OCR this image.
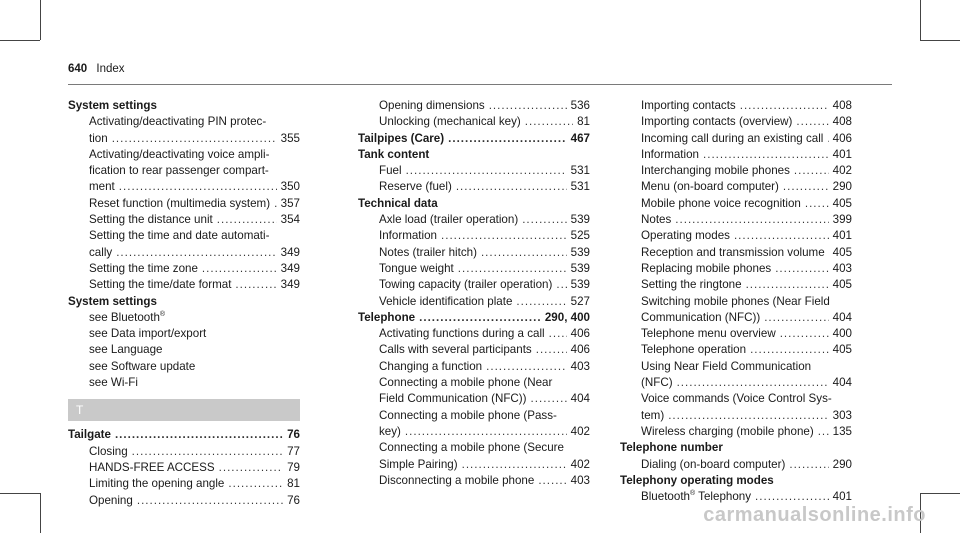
640 Index
System settings
Activating/deactivating PIN protec-
tion .....	355
Activating/deactivating voice ampli-
fication to rear passenger compart-
ment .....	350
Reset function (multimedia system) ..... 357
Setting the distance unit .....	354
Setting the time and date automati-
cally .....	349
Setting the time zone .....	349
Setting the time/date format .....	349
System settings
see Bluetooth®
see Data import/export
see Language
see Software update
see Wi-Fi
T
Tailgate .....	76
Closing .....	77
HANDS-FREE ACCESS .....	79
Limiting the opening angle .....	81
Opening .....	76
Opening dimensions .....	536
Unlocking (mechanical key) .....	81
Tailpipes (Care) .....	467
Tank content
Fuel .....	531
Reserve (fuel) .....	531
Technical data
Axle load (trailer operation) .....	539
Information .....	525
Notes (trailer hitch) .....	539
Tongue weight .....	539
Towing capacity (trailer operation) ..... 539
Vehicle identification plate .....	527
Telephone .....	290, 400
Activating functions during a call ..... 406
Calls with several participants .....	406
Changing a function .....	403
Connecting a mobile phone (Near
Field Communication (NFC)) .....	404
Connecting a mobile phone (Pass-
key) .....	402
Connecting a mobile phone (Secure
Simple Pairing) .....	402
Disconnecting a mobile phone .....	403
Importing contacts .....	408
Importing contacts (overview) .....	408
Incoming call during an existing call ..... 406
Information .....	401
Interchanging mobile phones .....	402
Menu (on-board computer) .....	290
Mobile phone voice recognition .....	405
Notes .....	399
Operating modes .....	401
Reception and transmission volume 405
Replacing mobile phones .....	403
Setting the ringtone .....	405
Switching mobile phones (Near Field
Communication (NFC)) .....	404
Telephone menu overview .....	400
Telephone operation .....	405
Using Near Field Communication
(NFC) .....	404
Voice commands (Voice Control Sys-
tem) .....	303
Wireless charging (mobile phone) ..... 135
Telephone number
Dialing (on-board computer) .....	290
Telephony operating modes
Bluetooth® Telephony .....	401
carmanualsonline.info
